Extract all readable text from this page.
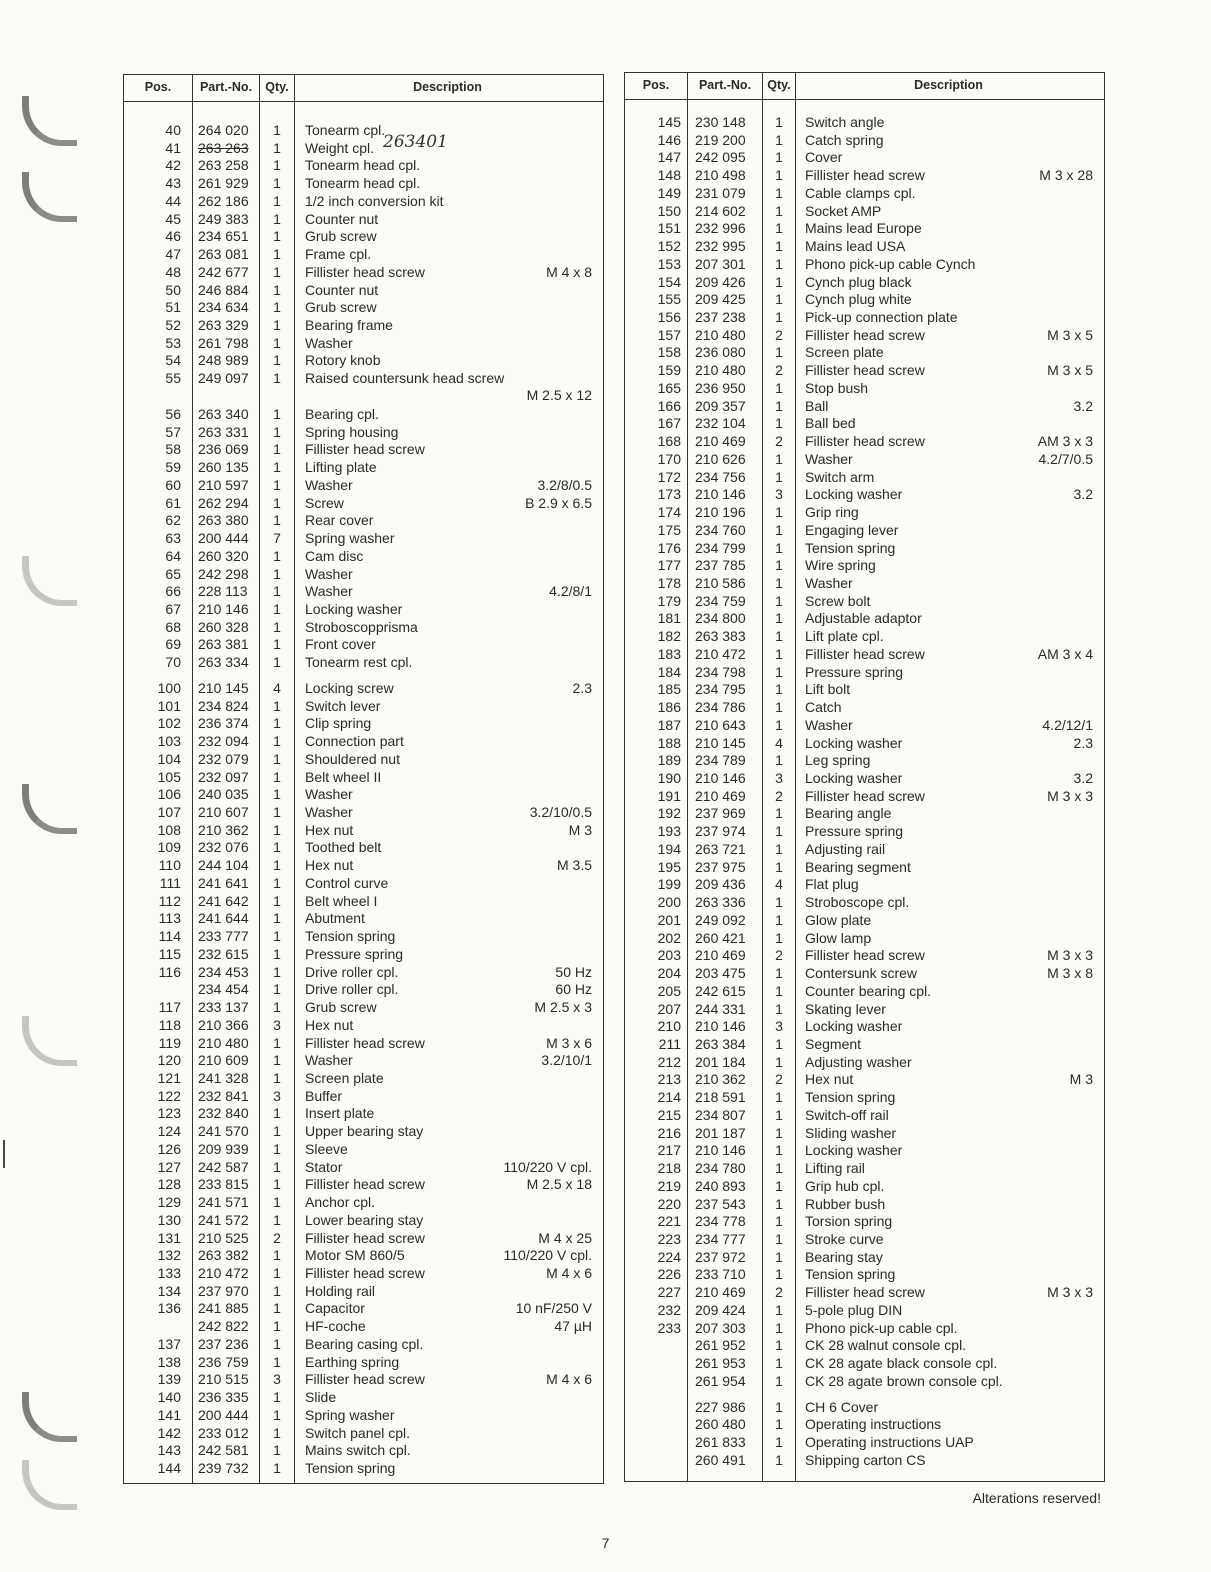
Pos.	Part.-No.	Qty.	Description
40 264 020	1	Tonearm cpl.
41 263 263	1	Weight cpl. 263401
42 263 258	1	Tonearm head cpl.
43 261 929	1	Tonearm head cpl.
44 262 186	1	1/2 inch conversion kit
45 249 383	1	Counter nut
46 234 651	1	Grub screw
47 263 081	1	Frame cpl.
48 242 677	1	Fillister head screw	M 4 x 8
50 246 884	1	Counter nut
51 234 634	1	Grub screw
52 263 329	1	Bearing frame
53 261 798	1	Washer
54 248 989	1	Rotory knob
55 249 097	1	Raised countersunk head screw
M 2.5 x 12
56 263 340	1	Bearing cpl.
57 263 331	1	Spring housing
58 236 069	1	Fillister head screw
59 260 135	1	Lifting plate
60 210 597	1	Washer	3.2/8/0.5
61 262 294	1	Screw	B 2.9 x 6.5
62 263 380	1	Rear cover
63 200 444	7	Spring washer
64 260 320	1	Cam disc
65 242 298	1	Washer
66 228 113	1	Washer	4.2/8/1
67 210 146	1	Locking washer
68 260 328	1	Stroboscopprisma
69 263 381	1	Front cover
70 263 334	1	Tonearm rest cpl.
100 210 145	4	Locking screw	2.3
101 234 824	1	Switch lever
102 236 374	1	Clip spring
103 232 094	1	Connection part
104 232 079	1	Shouldered nut
105 232 097	1	Belt wheel II
106 240 035	1	Washer
107 210 607	1	Washer	3.2/10/0.5
108 210 362	1	Hex nut	M 3
109 232 076	1	Toothed belt
110 244 104	1	Hex nut	M 3.5
111 241 641	1	Control curve
112 241 642	1	Belt wheel I
113 241 644	1	Abutment
114 233 777	1	Tension spring
115 232 615	1	Pressure spring
116 234 453	1	Drive roller cpl.	50 Hz
234 454	1	Drive roller cpl.	60 Hz
117 233 137	1	Grub screw	M 2.5 x 3
118 210 366	3	Hex nut
119 210 480	1	Fillister head screw	M 3 x 6
120 210 609	1	Washer	3.2/10/1
121 241 328	1	Screen plate
122 232 841	3	Buffer
123 232 840	1	Insert plate
124 241 570	1	Upper bearing stay
126 209 939	1	Sleeve
127 242 587	1	Stator	110/220 V cpl.
128 233 815	1	Fillister head screw	M 2.5 x 18
129 241 571	1	Anchor cpl.
130 241 572	1	Lower bearing stay
131 210 525	2	Fillister head screw	M 4 x 25
132 263 382	1	Motor SM 860/5	110/220 V cpl.
133 210 472	1	Fillister head screw	M 4 x 6
134 237 970	1	Holding rail
136 241 885	1	Capacitor	10 nF/250 V
242 822	1	HF-coche	47 µH
137 237 236	1	Bearing casing cpl.
138 236 759	1	Earthing spring
139 210 515	3	Fillister head screw	M 4 x 6
140 236 335	1	Slide
141 200 444	1	Spring washer
142 233 012	1	Switch panel cpl.
143 242 581	1	Mains switch cpl.
144 239 732	1	Tension spring
Pos.	Part.-No.	Qty.	Description
145 230 148	1	Switch angle
146 219 200	1	Catch spring
147 242 095	1	Cover
148 210 498	1	Fillister head screw	M 3 x 28
149 231 079	1	Cable clamps cpl.
150 214 602	1	Socket AMP
151 232 996	1	Mains lead Europe
152 232 995	1	Mains lead USA
153 207 301	1	Phono pick-up cable Cynch
154 209 426	1	Cynch plug black
155 209 425	1	Cynch plug white
156 237 238	1	Pick-up connection plate
157 210 480	2	Fillister head screw	M 3 x 5
158 236 080	1	Screen plate
159 210 480	2	Fillister head screw	M 3 x 5
165 236 950	1	Stop bush
166 209 357	1	Ball	3.2
167 232 104	1	Ball bed
168 210 469	2	Fillister head screw	AM 3 x 3
170 210 626	1	Washer	4.2/7/0.5
172 234 756	1	Switch arm
173 210 146	3	Locking washer	3.2
174 210 196	1	Grip ring
175 234 760	1	Engaging lever
176 234 799	1	Tension spring
177 237 785	1	Wire spring
178 210 586	1	Washer
179 234 759	1	Screw bolt
181 234 800	1	Adjustable adaptor
182 263 383	1	Lift plate cpl.
183 210 472	1	Fillister head screw	AM 3 x 4
184 234 798	1	Pressure spring
185 234 795	1	Lift bolt
186 234 786	1	Catch
187 210 643	1	Washer	4.2/12/1
188 210 145	4	Locking washer	2.3
189 234 789	1	Leg spring
190 210 146	3	Locking washer	3.2
191 210 469	2	Fillister head screw	M 3 x 3
192 237 969	1	Bearing angle
193 237 974	1	Pressure spring
194 263 721	1	Adjusting rail
195 237 975	1	Bearing segment
199 209 436	4	Flat plug
200 263 336	1	Stroboscope cpl.
201 249 092	1	Glow plate
202 260 421	1	Glow lamp
203 210 469	2	Fillister head screw	M 3 x 3
204 203 475	1	Contersunk screw	M 3 x 8
205 242 615	1	Counter bearing cpl.
207 244 331	1	Skating lever
210 210 146	3	Locking washer
211 263 384	1	Segment
212 201 184	1	Adjusting washer
213 210 362	2	Hex nut	M 3
214 218 591	1	Tension spring
215 234 807	1	Switch-off rail
216 201 187	1	Sliding washer
217 210 146	1	Locking washer
218 234 780	1	Lifting rail
219 240 893	1	Grip hub cpl.
220 237 543	1	Rubber bush
221 234 778	1	Torsion spring
223 234 777	1	Stroke curve
224 237 972	1	Bearing stay
226 233 710	1	Tension spring
227 210 469	2	Fillister head screw	M 3 x 3
232 209 424	1	5-pole plug DIN
233 207 303	1	Phono pick-up cable cpl.
261 952	1	CK 28 walnut console cpl.
261 953	1	CK 28 agate black console cpl.
261 954	1	CK 28 agate brown console cpl.
227 986	1	CH 6 Cover
260 480	1	Operating instructions
261 833	1	Operating instructions UAP
260 491	1	Shipping carton CS
Alterations reserved!
7
